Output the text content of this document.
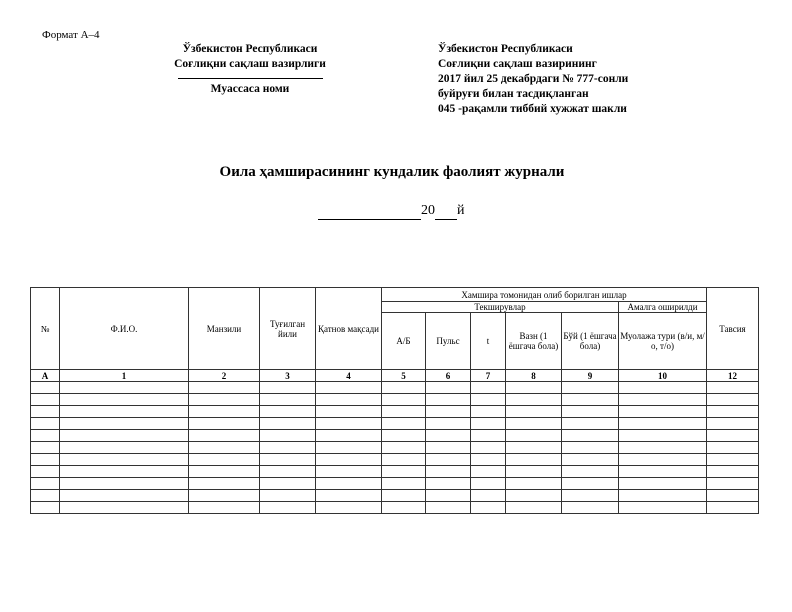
Формат А–4
Ўзбекистон Республикаси
Соғлиқни сақлаш вазирлиги
Муассаса номи
Ўзбекистон Республикаси
Соғлиқни сақлаш вазирининг
2017 йил 25 декабрдаги № 777-сонли
буйруғи билан тасдиқланган
045 -рақамли тиббий хужжат шакли
Оила ҳамширасининг кундалик фаолият журнали
20 й
№	Ф.И.О.	Манзили	Туғилган йили	Қатнов мақсади	Хамшира томонидан олиб борилган ишлар						Тавсия
					Текширувлар					Амалга оширилди	
					А/Б	Пульс	t	Вазн (1 ёшгача бола)	Бўй (1 ёшгача бола)	Муолажа тури (в/и, м/о, т/о)	
А	1	2	3	4	5	6	7	8	9	10	12
